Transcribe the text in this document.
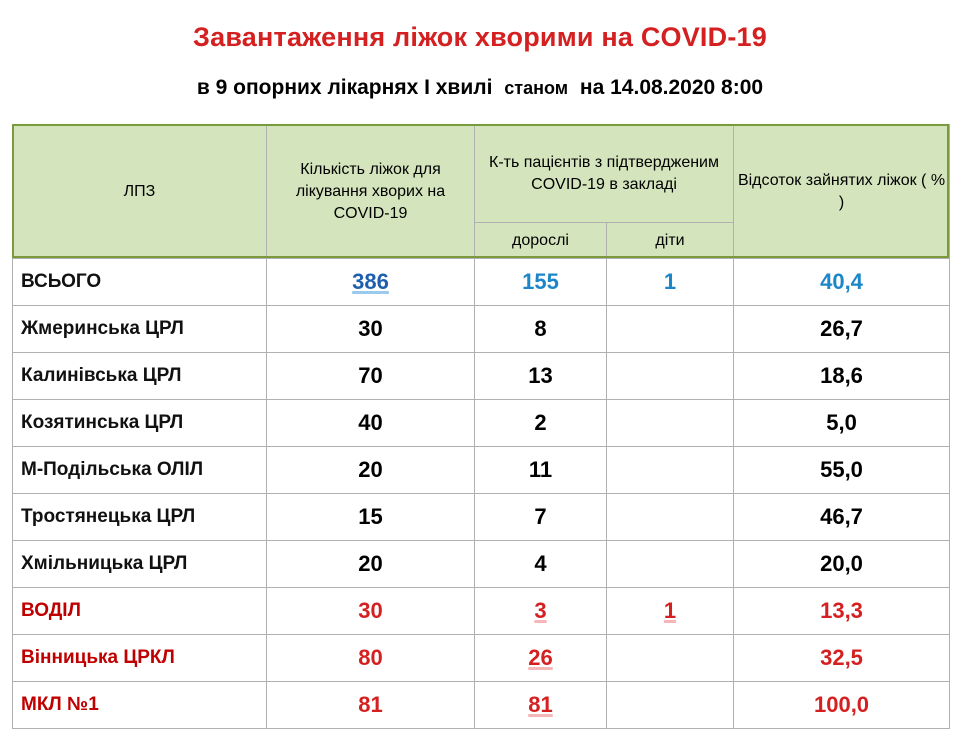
Завантаження ліжок хворими на COVID-19
в 9 опорних лікарнях І хвилі станом на 14.08.2020 8:00
ЛПЗ	Кількість ліжок для лікування хворих на COVID-19	К-ть пацієнтів з підтвердженим COVID-19 в закладі		Відсоток зайнятих ліжок ( % )
		дорослі	діти	
ВСЬОГО	386	155	1	40,4
Жмеринська ЦРЛ	30	8		26,7
Калинівська ЦРЛ	70	13		18,6
Козятинська ЦРЛ	40	2		5,0
М-Подільська ОЛІЛ	20	11		55,0
Тростянецька ЦРЛ	15	7		46,7
Хмільницька ЦРЛ	20	4		20,0
ВОДІЛ	30	3	1	13,3
Вінницька ЦРКЛ	80	26		32,5
МКЛ №1	81	81		100,0
